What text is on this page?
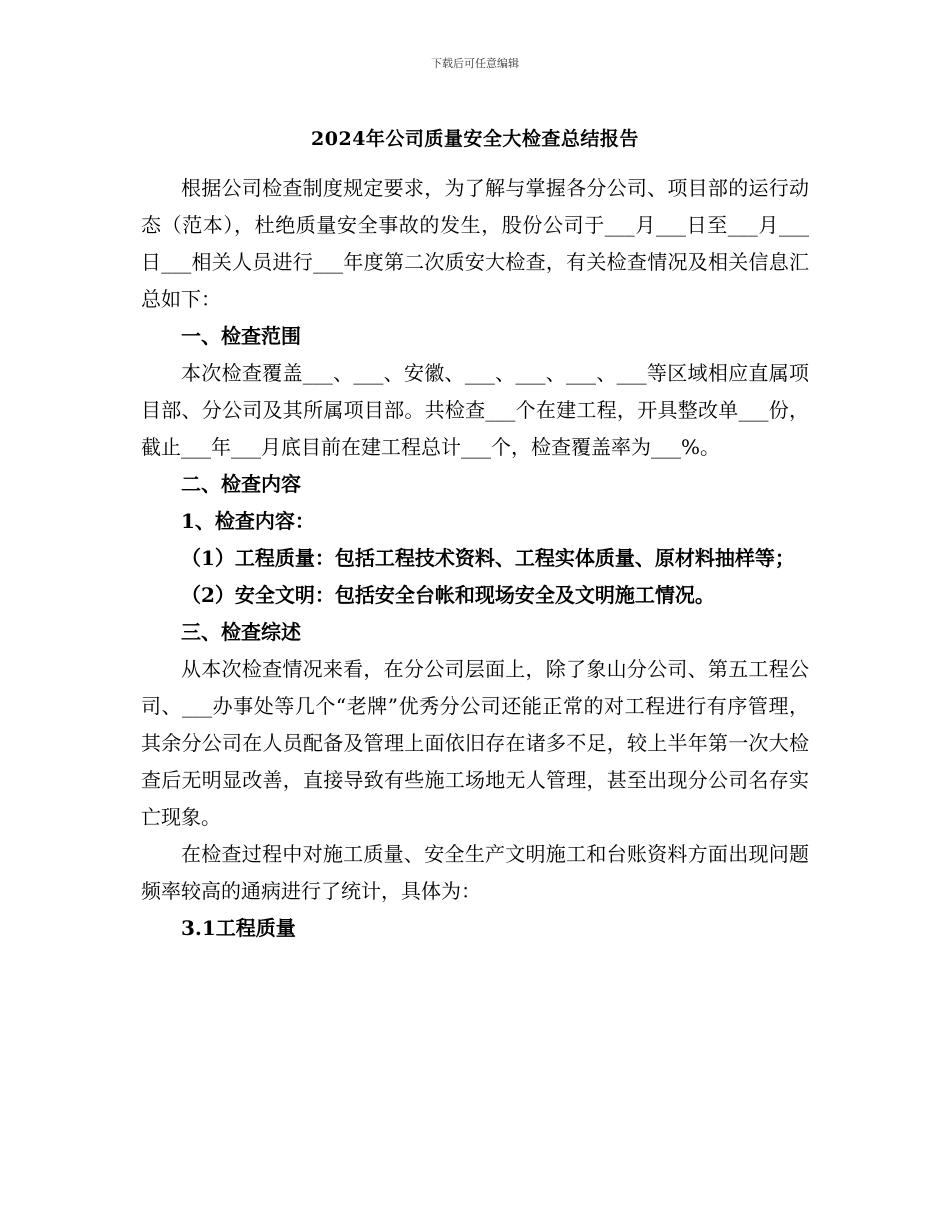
下载后可任意编辑
2024年公司质量安全大检查总结报告
根据公司检查制度规定要求，为了解与掌握各分公司、项目部的运行动态（范本），杜绝质量安全事故的发生，股份公司于___月___日至___月___日___相关人员进行___年度第二次质安大检查，有关检查情况及相关信息汇总如下：
一、检查范围
本次检查覆盖___、___、安徽、___、___、___、___等区域相应直属项目部、分公司及其所属项目部。共检查___个在建工程，开具整改单___份，截止___年___月底目前在建工程总计___个，检查覆盖率为___%。
二、检查内容
1、检查内容：
（1）工程质量：包括工程技术资料、工程实体质量、原材料抽样等；
（2）安全文明：包括安全台帐和现场安全及文明施工情况。
三、检查综述
从本次检查情况来看，在分公司层面上，除了象山分公司、第五工程公司、___办事处等几个“老牌”优秀分公司还能正常的对工程进行有序管理，其余分公司在人员配备及管理上面依旧存在诸多不足，较上半年第一次大检查后无明显改善，直接导致有些施工场地无人管理，甚至出现分公司名存实亡现象。
在检查过程中对施工质量、安全生产文明施工和台账资料方面出现问题频率较高的通病进行了统计，具体为：
3.1工程质量
